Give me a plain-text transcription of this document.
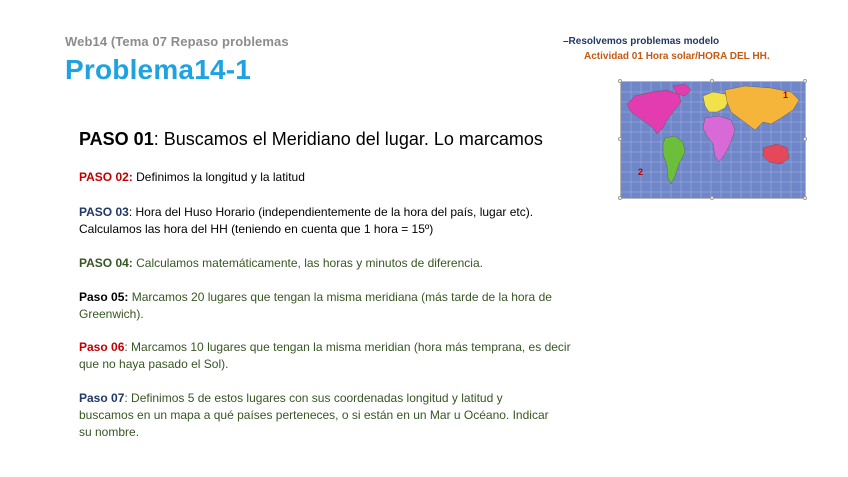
Web14 (Tema 07 Repaso problemas
Problema14-1
–Resolvemos problemas modelo
Actividad 01 Hora solar/HORA DEL HH.
1
2
PASO 01: Buscamos el Meridiano del lugar. Lo marcamos
PASO 02: Definimos la longitud y la latitud
PASO 03: Hora del Huso Horario (independientemente de la hora del país, lugar etc). Calculamos las hora del HH (teniendo en cuenta que 1 hora = 15º)
PASO 04: Calculamos matemáticamente, las horas y minutos de diferencia.
Paso 05: Marcamos 20 lugares que tengan la misma meridiana (más tarde de la hora de Greenwich).
Paso 06: Marcamos 10 lugares que tengan la misma meridian (hora más temprana, es decir que no haya pasado el Sol).
Paso 07: Definimos 5 de estos lugares con sus coordenadas longitud y latitud y buscamos en un mapa a qué países perteneces, o si están en un Mar u Océano. Indicar su nombre.
